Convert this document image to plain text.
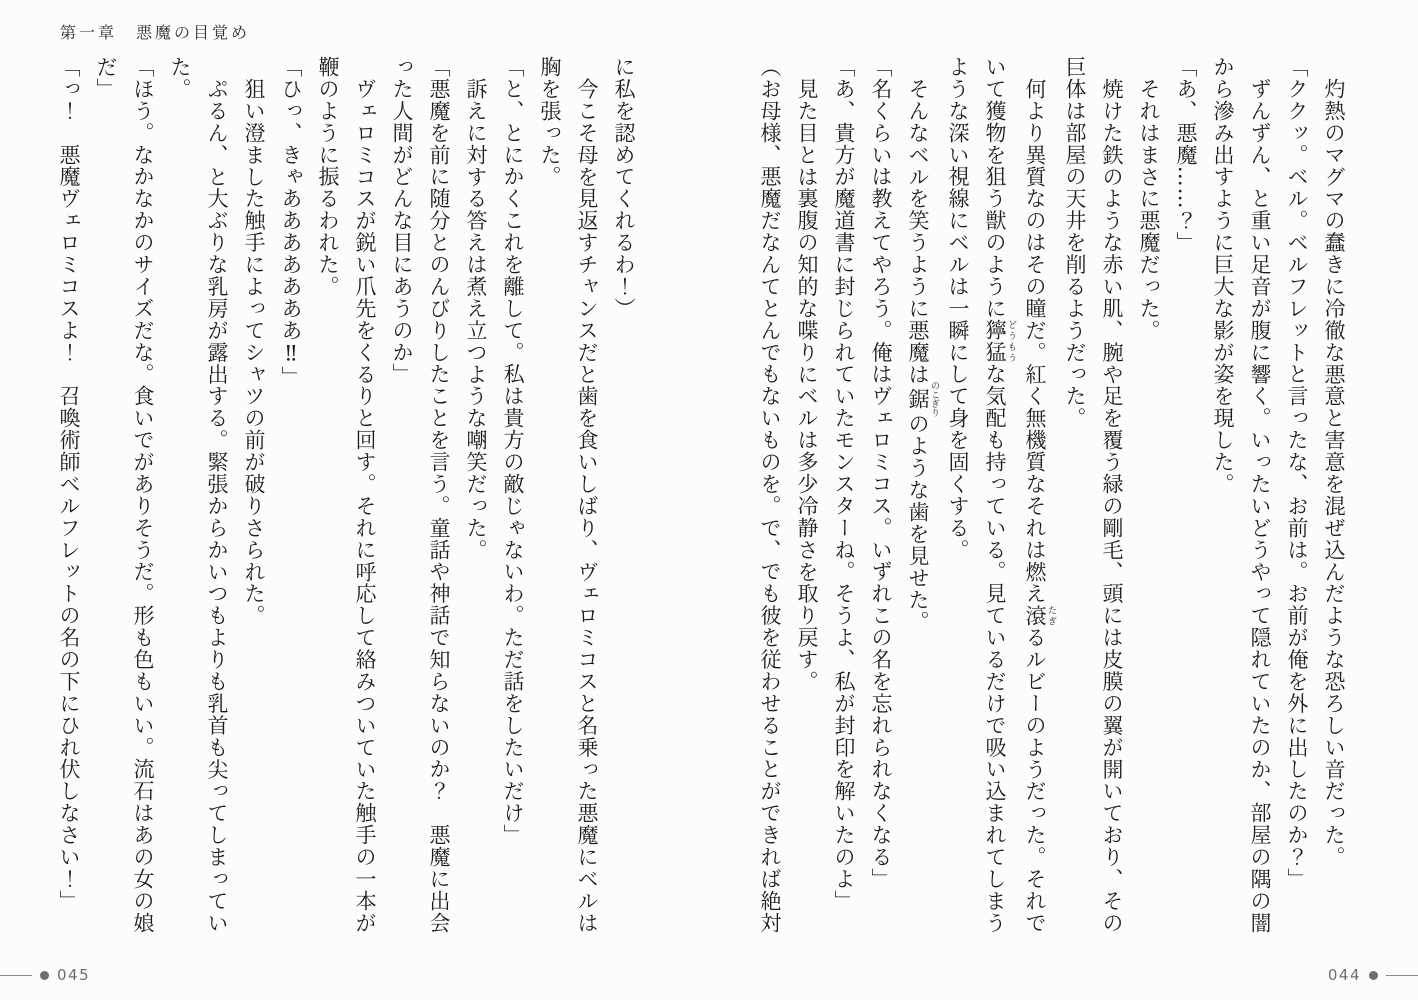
第一章　悪魔の目覚め
灼熱のマグマの蠢きに冷徹な悪意と害意を混ぜ込んだような恐ろしい音だった。
「ククッ。ベル。ベルフレットと言ったな、お前は。お前が俺を外に出したのか？」
ずんずん、と重い足音が腹に響く。いったいどうやって隠れていたのか、部屋の隅の闇
から滲み出すように巨大な影が姿を現した。
「あ、悪魔……？」
それはまさに悪魔だった。
焼けた鉄のような赤い肌、腕や足を覆う緑の剛毛、頭には皮膜の翼が開いており、その
巨体は部屋の天井を削るようだった。
何より異質なのはその瞳だ。紅く無機質なそれは燃え滾 たぎるルビーのようだった。それで
いて獲物を狙う獣のように獰猛 どうもうな気配も持っている。見ているだけで吸い込まれてしまう
ような深い視線にベルは一瞬にして身を固くする。
そんなベルを笑うように悪魔は鋸 のこぎりのような歯を見せた。
「名くらいは教えてやろう。俺はヴェロミコス。いずれこの名を忘れられなくなる」
「あ、貴方が魔道書に封じられていたモンスターね。そうよ、私が封印を解いたのよ」
見た目とは裏腹の知的な喋りにベルは多少冷静さを取り戻す。
（お母様、悪魔だなんてとんでもないものを。で、でも彼を従わせることができれば絶対
に私を認めてくれるわ！）
今こそ母を見返すチャンスだと歯を食いしばり、ヴェロミコスと名乗った悪魔にベルは
胸を張った。
「と、とにかくこれを離して。私は貴方の敵じゃないわ。ただ話をしたいだけ」
訴えに対する答えは煮え立つような嘲笑だった。
「悪魔を前に随分とのんびりしたことを言う。童話や神話で知らないのか？　悪魔に出会
った人間がどんな目にあうのか」
ヴェロミコスが鋭い爪先をくるりと回す。それに呼応して絡みついていた触手の一本が
鞭のように振るわれた。
「ひっ、きゃあああああああ‼」
狙い澄ました触手によってシャツの前が破りさられた。
ぷるん、と大ぶりな乳房が露出する。緊張からかいつもよりも乳首も尖ってしまってい
た。
「ほう。なかなかのサイズだな。食いでがありそうだ。形も色もいい。流石はあの女の娘
だ」
「っ！　悪魔ヴェロミコスよ！　召喚術師ベルフレットの名の下にひれ伏しなさい！」
045	044
